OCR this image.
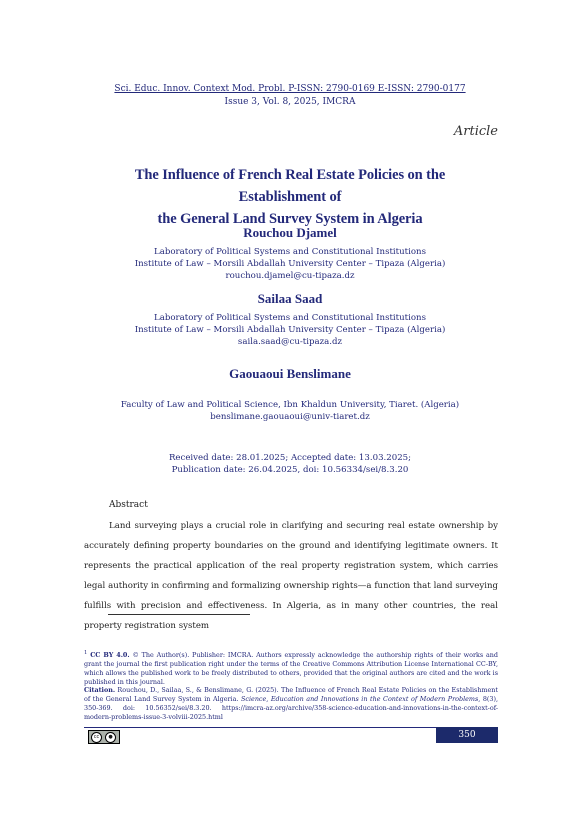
Sci. Educ. Innov. Context Mod. Probl. P-ISSN: 2790-0169 E-ISSN: 2790-0177
Issue 3, Vol. 8, 2025, IMCRA
Article
The Influence of French Real Estate Policies on the Establishment of
the General Land Survey System in Algeria
Rouchou Djamel
Laboratory of Political Systems and Constitutional Institutions
Institute of Law – Morsili Abdallah University Center – Tipaza (Algeria)
rouchou.djamel@cu-tipaza.dz
Sailaa Saad
Laboratory of Political Systems and Constitutional Institutions
Institute of Law – Morsili Abdallah University Center – Tipaza (Algeria)
saila.saad@cu-tipaza.dz
Gaouaoui Benslimane
Faculty of Law and Political Science, Ibn Khaldun University, Tiaret. (Algeria)
benslimane.gaouaoui@univ-tiaret.dz
Received date: 28.01.2025; Accepted date: 13.03.2025;
Publication date: 26.04.2025, doi: 10.56334/sei/8.3.20
Abstract
Land surveying plays a crucial role in clarifying and securing real estate ownership by accurately defining property boundaries on the ground and identifying legitimate owners. It represents the practical application of the real property registration system, which carries legal authority in confirming and formalizing ownership rights—a function that land surveying fulfills with precision and effectiveness. In Algeria, as in many other countries, the real property registration system
$^1$ CC BY 4.0. © The Author(s). Publisher: IMCRA. Authors expressly acknowledge the authorship rights of their works and grant the journal the first publication right under the terms of the Creative Commons Attribution License International CC-BY, which allows the published work to be freely distributed to others, provided that the original authors are cited and the work is published in this journal.
Citation. Rouchou, D., Sailaa, S., & Benslimane, G. (2025). The Influence of French Real Estate Policies on the Establishment of the General Land Survey System in Algeria. Science, Education and Innovations in the Context of Modern Problems, 8(3), 350-369. doi: 10.56352/sei/8.3.20. https://imcra-az.org/archive/358-science-education-and-innovations-in-the-context-of-modern-problems-issue-3-volviii-2025.html
cc	●	350
